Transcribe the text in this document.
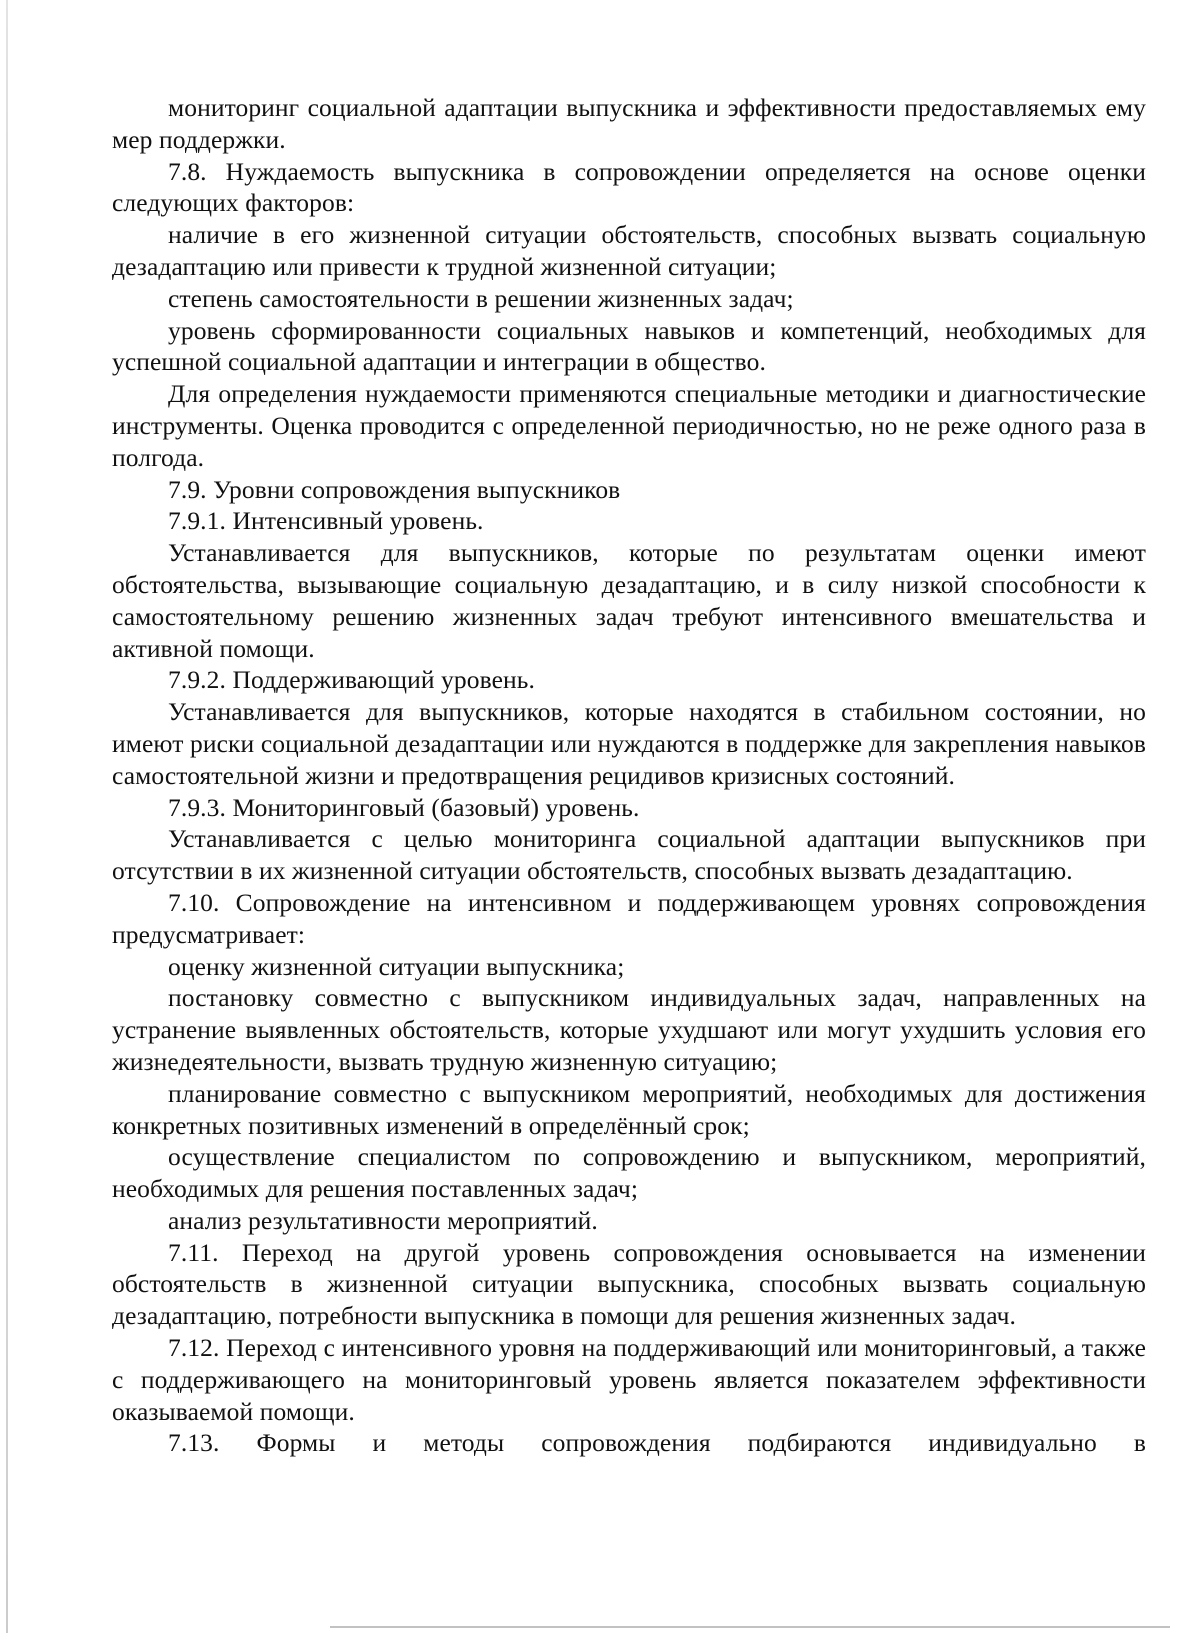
мониторинг социальной адаптации выпускника и эффективности предоставляемых ему мер поддержки.

7.8. Нуждаемость выпускника в сопровождении определяется на основе оценки следующих факторов:

наличие в его жизненной ситуации обстоятельств, способных вызвать социальную дезадаптацию или привести к трудной жизненной ситуации;

степень самостоятельности в решении жизненных задач;

уровень сформированности социальных навыков и компетенций, необходимых для успешной социальной адаптации и интеграции в общество.

Для определения нуждаемости применяются специальные методики и диагностические инструменты. Оценка проводится с определенной периодичностью, но не реже одного раза в полгода.

7.9. Уровни сопровождения выпускников

7.9.1. Интенсивный уровень.

Устанавливается для выпускников, которые по результатам оценки имеют обстоятельства, вызывающие социальную дезадаптацию, и в силу низкой способности к самостоятельному решению жизненных задач требуют интенсивного вмешательства и активной помощи.

7.9.2. Поддерживающий уровень.

Устанавливается для выпускников, которые находятся в стабильном состоянии, но имеют риски социальной дезадаптации или нуждаются в поддержке для закрепления навыков самостоятельной жизни и предотвращения рецидивов кризисных состояний.

7.9.3. Мониторинговый (базовый) уровень.

Устанавливается с целью мониторинга социальной адаптации выпускников при отсутствии в их жизненной ситуации обстоятельств, способных вызвать дезадаптацию.

7.10. Сопровождение на интенсивном и поддерживающем уровнях сопровождения предусматривает:

оценку жизненной ситуации выпускника;

постановку совместно с выпускником индивидуальных задач, направленных на устранение выявленных обстоятельств, которые ухудшают или могут ухудшить условия его жизнедеятельности, вызвать трудную жизненную ситуацию;

планирование совместно с выпускником мероприятий, необходимых для достижения конкретных позитивных изменений в определённый срок;

осуществление специалистом по сопровождению и выпускником, мероприятий, необходимых для решения поставленных задач;

анализ результативности мероприятий.

7.11. Переход на другой уровень сопровождения основывается на изменении обстоятельств в жизненной ситуации выпускника, способных вызвать социальную дезадаптацию, потребности выпускника в помощи для решения жизненных задач.

7.12. Переход с интенсивного уровня на поддерживающий или мониторинговый, а также с поддерживающего на мониторинговый уровень является показателем эффективности оказываемой помощи.

7.13. Формы и методы сопровождения подбираются индивидуально в
